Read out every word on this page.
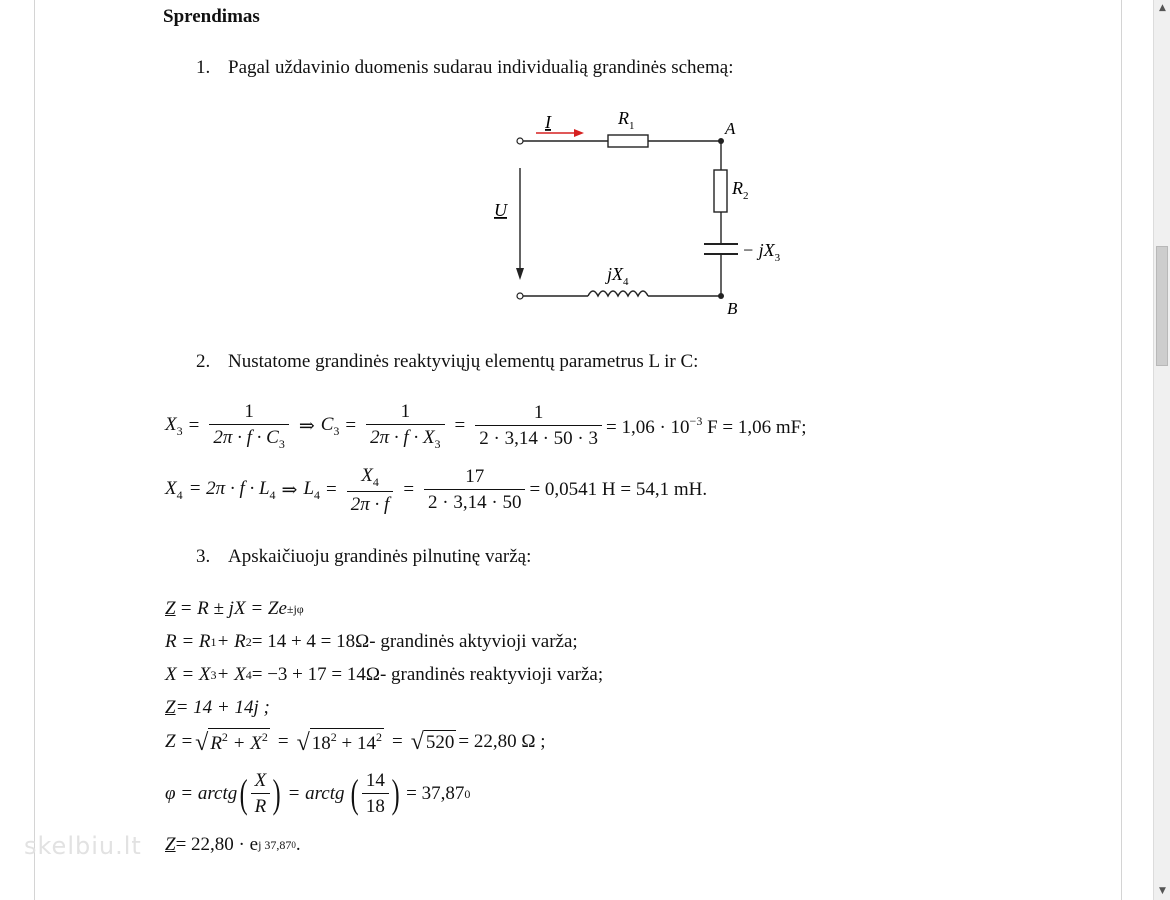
Sprendimas
1. Pagal uždavinio duomenis sudarau individualią grandinės schemą:
I
U
$R_1$
$R_2$
− $jX_3$
$jX_4$
A
B
2. Nustatome grandinės reaktyviųjų elementų parametrus L ir C:
$X_3 = \frac{1}{2\pi \cdot f \cdot C_3}$ ⇒ $C_3 = \frac{1}{2\pi \cdot f \cdot X_3} = \frac{1}{2 \cdot 3,14 \cdot 50 \cdot 3} = 1,06 \cdot 10^{-3}$ F = 1,06 mF;
$X_4 = 2\pi \cdot f \cdot L_4$ ⇒ $L_4 = \frac{X_4}{2\pi \cdot f} = \frac{17}{2 \cdot 3,14 \cdot 50} = 0,0541$ H = 54,1 mH.
3. Apskaičiuoju grandinės pilnutinę varžą:
Z = R ± jX = Ze ±jφ
R = R 1 + R 2 = 14 + 4 = 18Ω - grandinės aktyvioji varža;
X = X 3 + X 4 = −3 + 17 = 14Ω - grandinės reaktyvioji varža;
Z = 14 + 14j ;
Z = √ $R^2 + X^2$ = √ $18^2 + 14^2$ = √ 520 = 22,80 Ω ;
φ = arctg ( $\frac{X}{R}$ ) = arctg ( $\frac{14}{18}$ ) = 37,87 0
Z = 22,80 · e j 37,87 0 .
skelbiu.lt
▲
▼
